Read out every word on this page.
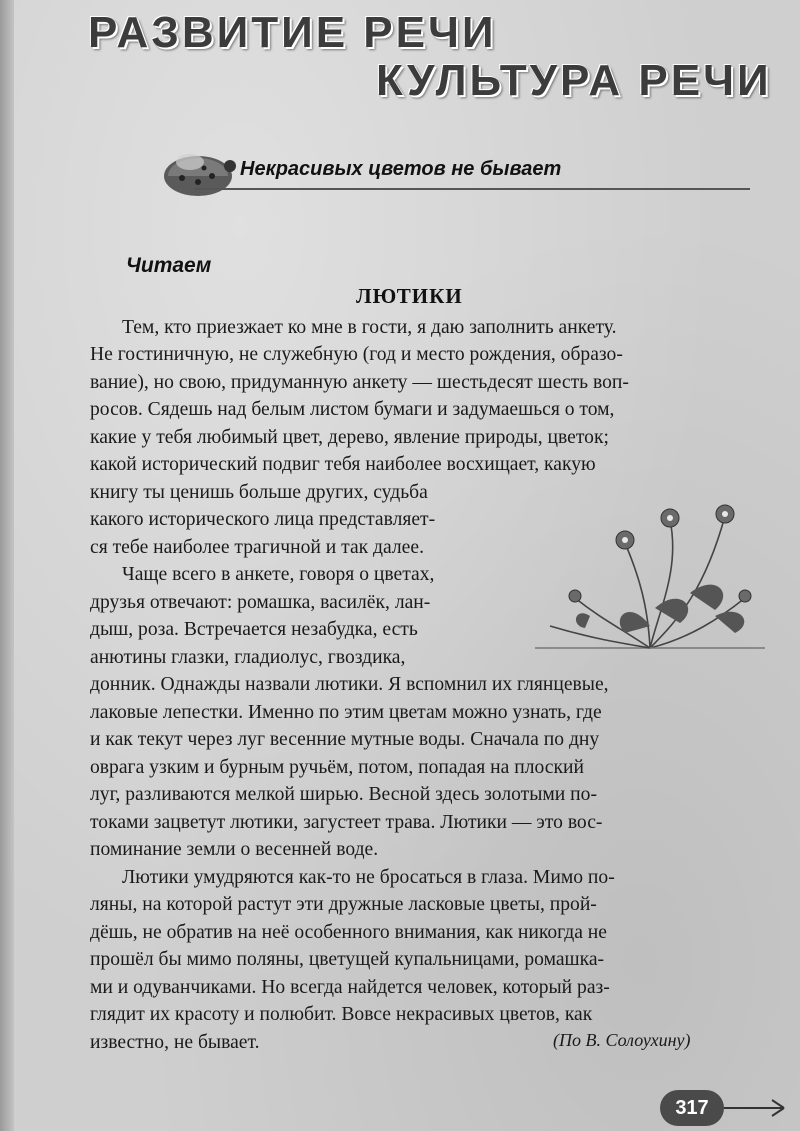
РАЗВИТИЕ РЕЧИ
КУЛЬТУРА РЕЧИ
Некрасивых цветов не бывает
Читаем
ЛЮТИКИ
Тем, кто приезжает ко мне в гости, я даю заполнить анкету.
Не гостиничную, не служебную (год и место рождения, образо-
вание), но свою, придуманную анкету — шестьдесят шесть воп-
росов. Сядешь над белым листом бумаги и задумаешься о том,
какие у тебя любимый цвет, дерево, явление природы, цветок;
какой исторический подвиг тебя наиболее восхищает, какую
книгу ты ценишь больше других, судьба
какого исторического лица представляет-
ся тебе наиболее трагичной и так далее.
Чаще всего в анкете, говоря о цветах,
друзья отвечают: ромашка, василёк, лан-
дыш, роза. Встречается незабудка, есть
анютины глазки, гладиолус, гвоздика,
донник. Однажды назвали лютики. Я вспомнил их глянцевые,
лаковые лепестки. Именно по этим цветам можно узнать, где
и как текут через луг весенние мутные воды. Сначала по дну
оврага узким и бурным ручьём, потом, попадая на плоский
луг, разливаются мелкой ширью. Весной здесь золотыми по-
токами зацветут лютики, загустеет трава. Лютики — это вос-
поминание земли о весенней воде.
Лютики умудряются как-то не бросаться в глаза. Мимо по-
ляны, на которой растут эти дружные ласковые цветы, прой-
дёшь, не обратив на неё особенного внимания, как никогда не
прошёл бы мимо поляны, цветущей купальницами, ромашка-
ми и одуванчиками. Но всегда найдется человек, который раз-
глядит их красоту и полюбит. Вовсе некрасивых цветов, как
известно, не бывает.	(По В. Солоухину)
317
